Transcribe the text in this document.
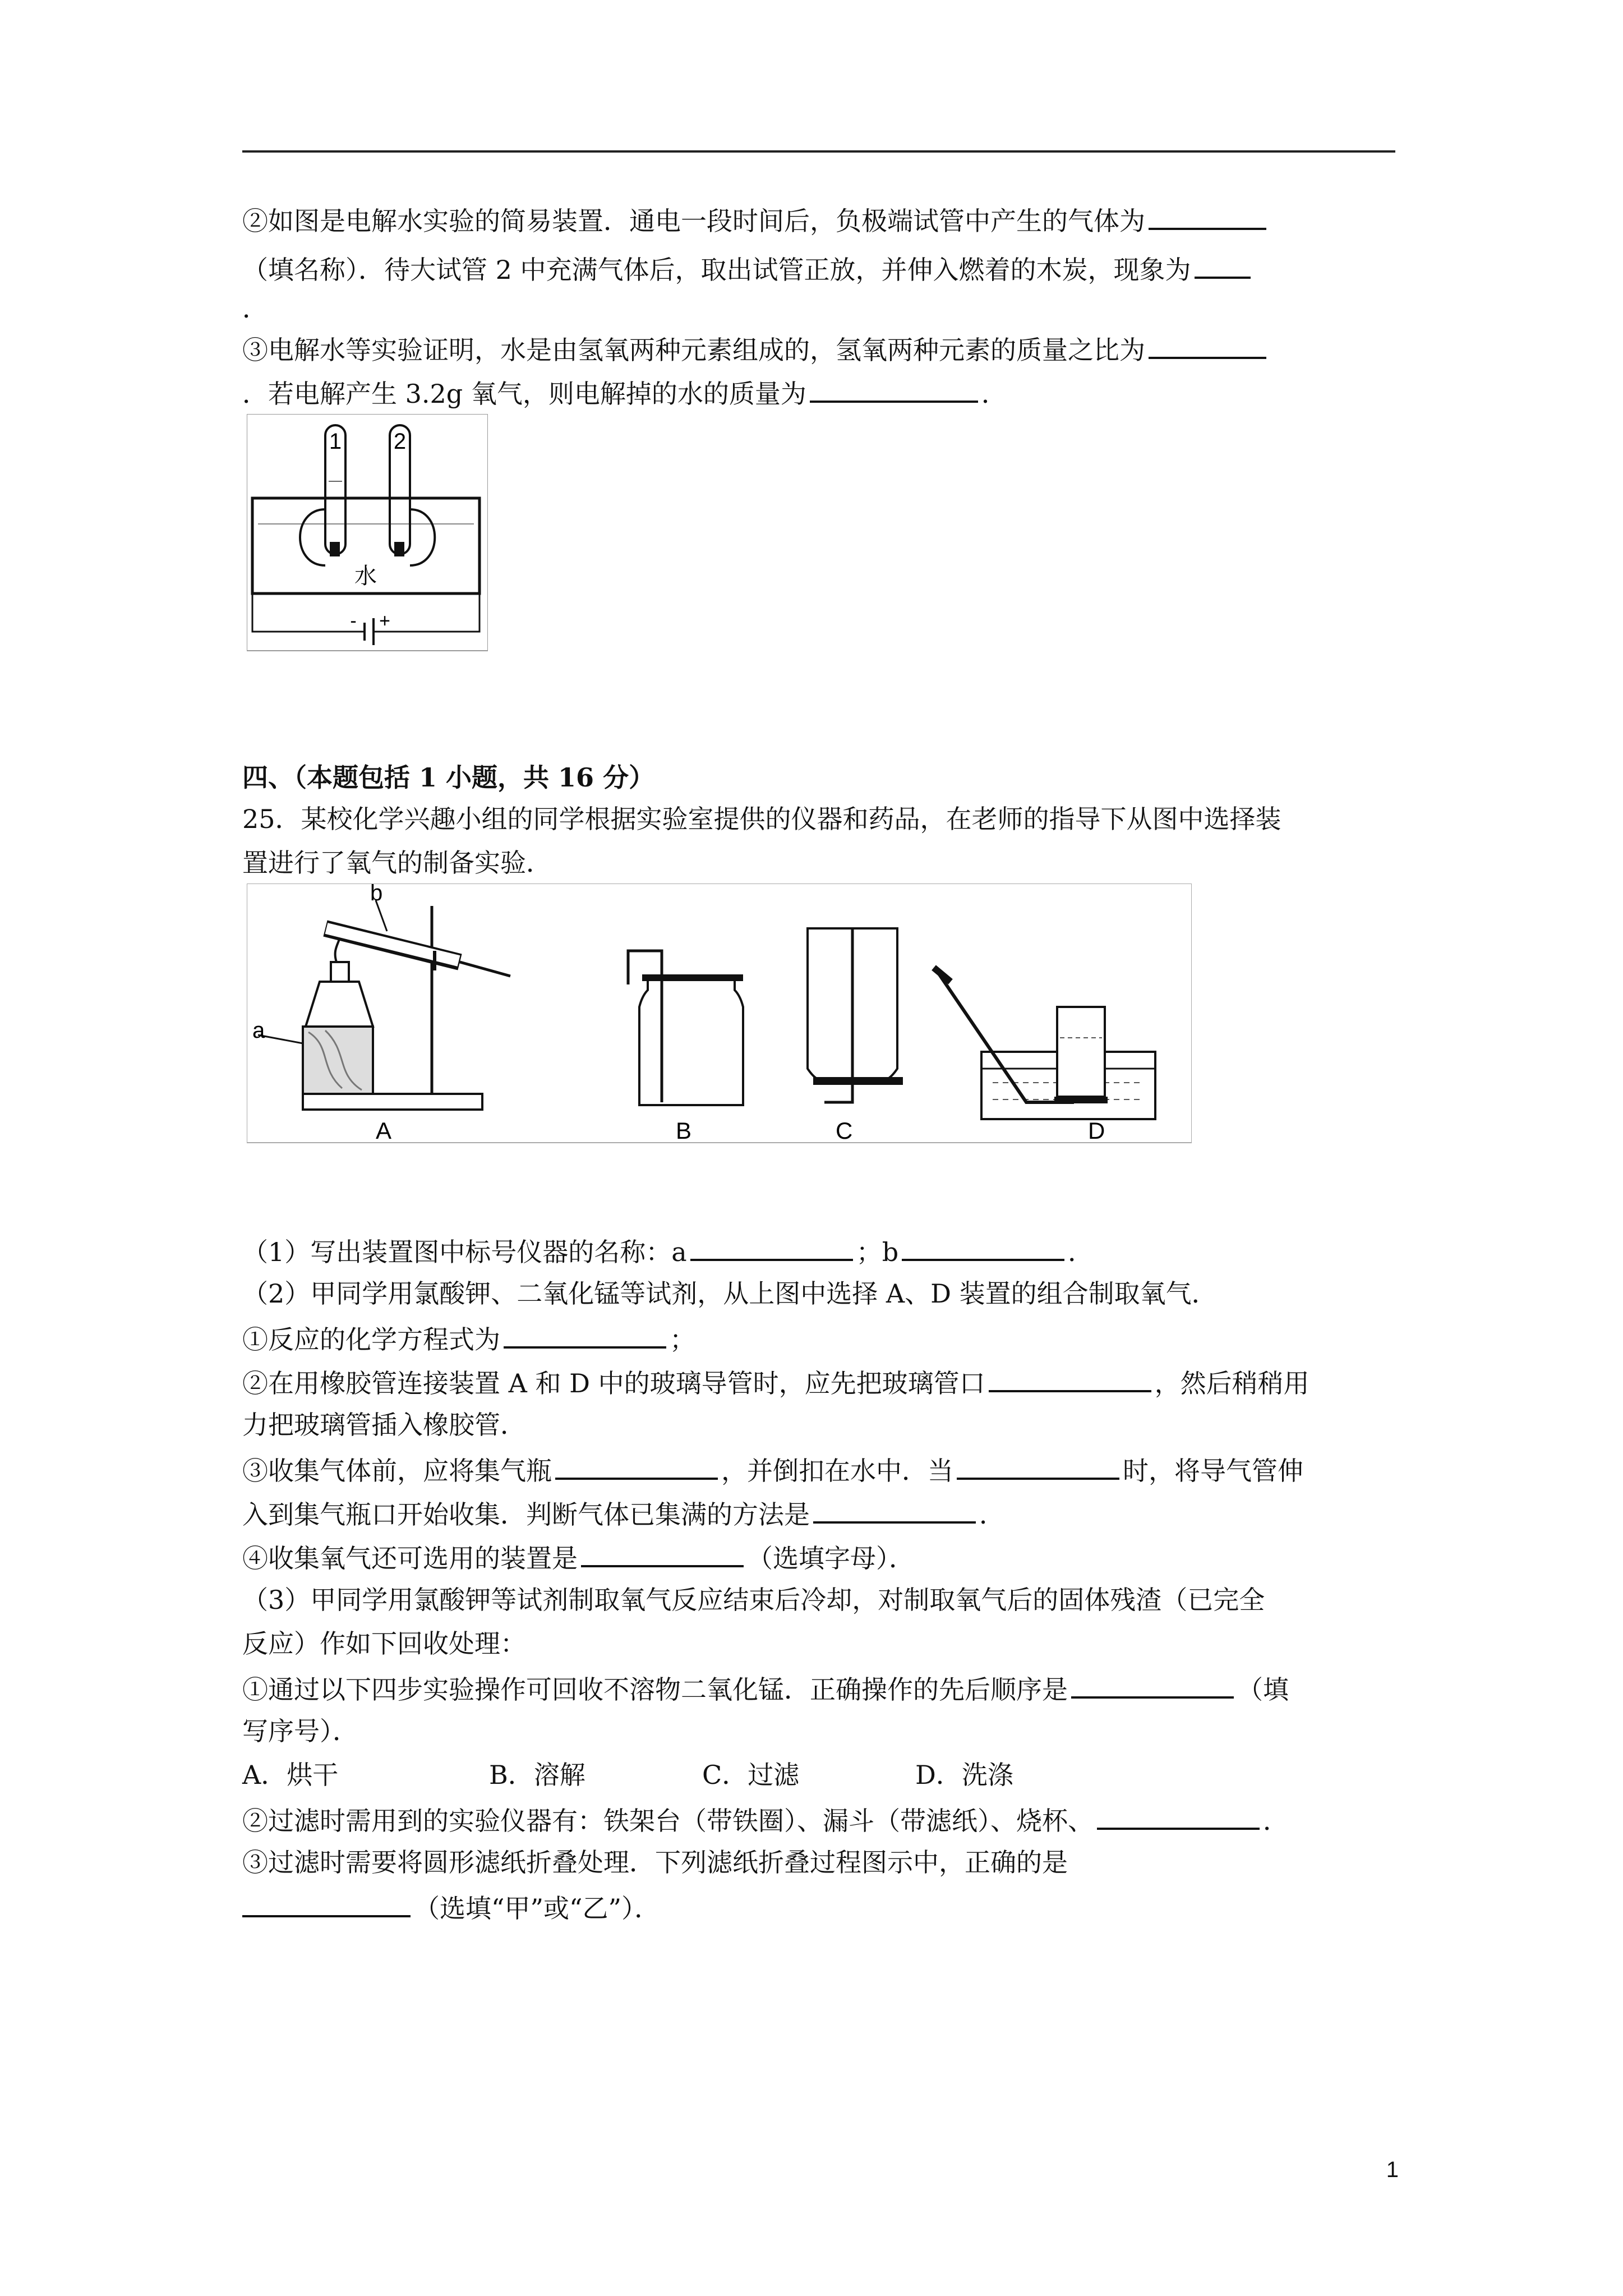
②如图是电解水实验的简易装置．通电一段时间后，负极端试管中产生的气体为
（填名称）．待大试管 2 中充满气体后，取出试管正放，并伸入燃着的木炭，现象为
．
③电解水等实验证明，水是由氢氧两种元素组成的，氢氧两种元素的质量之比为
．若电解产生 3.2g 氧气，则电解掉的水的质量为	．
1 2
水
- +
四、（本题包括 1 小题，共 16 分）
25．某校化学兴趣小组的同学根据实验室提供的仪器和药品，在老师的指导下从图中选择装
置进行了氧气的制备实验．
a
b
A	B	C	D
（1）写出装置图中标号仪器的名称：a	；b	．
（2）甲同学用氯酸钾、二氧化锰等试剂，从上图中选择 A、D 装置的组合制取氧气．
①反应的化学方程式为	；
②在用橡胶管连接装置 A 和 D 中的玻璃导管时，应先把玻璃管口	，然后稍稍用
力把玻璃管插入橡胶管．
③收集气体前，应将集气瓶	，并倒扣在水中．当	时，将导气管伸
入到集气瓶口开始收集．判断气体已集满的方法是	．
④收集氧气还可选用的装置是	（选填字母）．
（3）甲同学用氯酸钾等试剂制取氧气反应结束后冷却，对制取氧气后的固体残渣（已完全
反应）作如下回收处理：
①通过以下四步实验操作可回收不溶物二氧化锰．正确操作的先后顺序是	（填
写序号）．
A．烘干	B．溶解	C．过滤	D．洗涤
②过滤时需用到的实验仪器有：铁架台（带铁圈）、漏斗（带滤纸）、烧杯、	．
③过滤时需要将圆形滤纸折叠处理．下列滤纸折叠过程图示中，正确的是
（选填“甲”或“乙”）．
1
